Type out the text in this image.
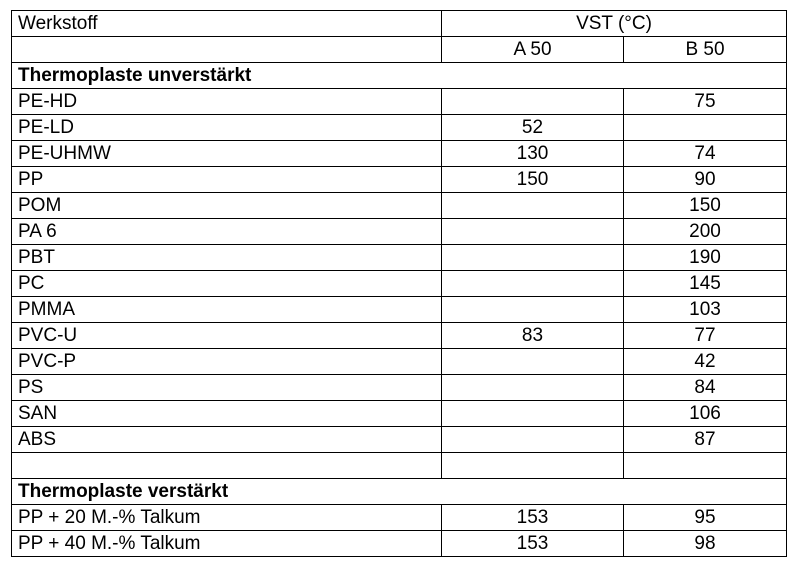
Werkstoff	VST (°C)	
	A 50	B 50
Thermoplaste unverstärkt		
PE-HD		75
PE-LD	52	
PE-UHMW	130	74
PP	150	90
POM		150
PA 6		200
PBT		190
PC		145
PMMA		103
PVC-U	83	77
PVC-P		42
PS		84
SAN		106
ABS		87

Thermoplaste verstärkt		
PP + 20 M.-% Talkum	153	95
PP + 40 M.-% Talkum	153	98
